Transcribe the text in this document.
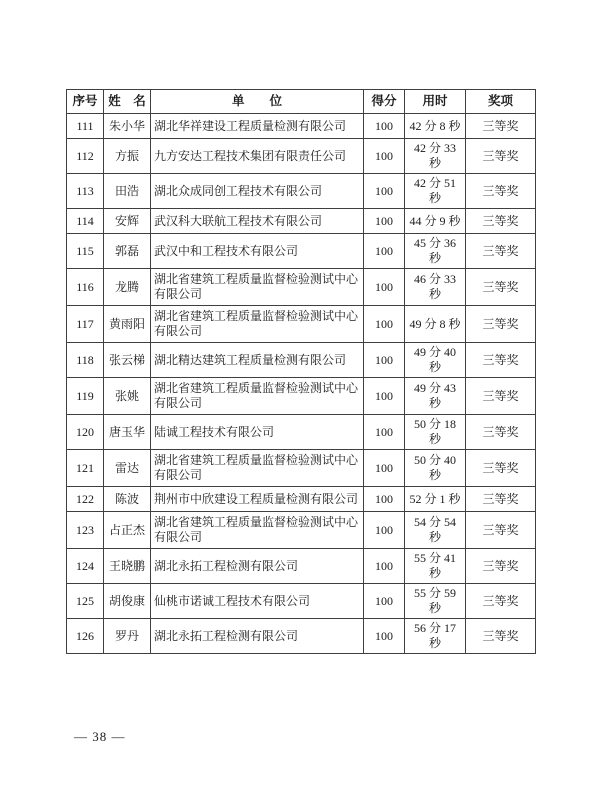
序号	姓　名	单　　位	得分	用时	奖项
111	朱小华	湖北华祥建设工程质量检测有限公司	100	42 分 8 秒	三等奖
112	方振	九方安达工程技术集团有限责任公司	100	42 分 33 秒	三等奖
113	田浩	湖北众成同创工程技术有限公司	100	42 分 51 秒	三等奖
114	安辉	武汉科大联航工程技术有限公司	100	44 分 9 秒	三等奖
115	郭磊	武汉中和工程技术有限公司	100	45 分 36 秒	三等奖
116	龙腾	湖北省建筑工程质量监督检验测试中心有限公司	100	46 分 33 秒	三等奖
117	黄雨阳	湖北省建筑工程质量监督检验测试中心有限公司	100	49 分 8 秒	三等奖
118	张云梯	湖北精达建筑工程质量检测有限公司	100	49 分 40 秒	三等奖
119	张姚	湖北省建筑工程质量监督检验测试中心有限公司	100	49 分 43 秒	三等奖
120	唐玉华	陆诚工程技术有限公司	100	50 分 18 秒	三等奖
121	雷达	湖北省建筑工程质量监督检验测试中心有限公司	100	50 分 40 秒	三等奖
122	陈波	荆州市中欣建设工程质量检测有限公司	100	52 分 1 秒	三等奖
123	占正杰	湖北省建筑工程质量监督检验测试中心有限公司	100	54 分 54 秒	三等奖
124	王晓鹏	湖北永拓工程检测有限公司	100	55 分 41 秒	三等奖
125	胡俊康	仙桃市诺诚工程技术有限公司	100	55 分 59 秒	三等奖
126	罗丹	湖北永拓工程检测有限公司	100	56 分 17 秒	三等奖
— 38 —
